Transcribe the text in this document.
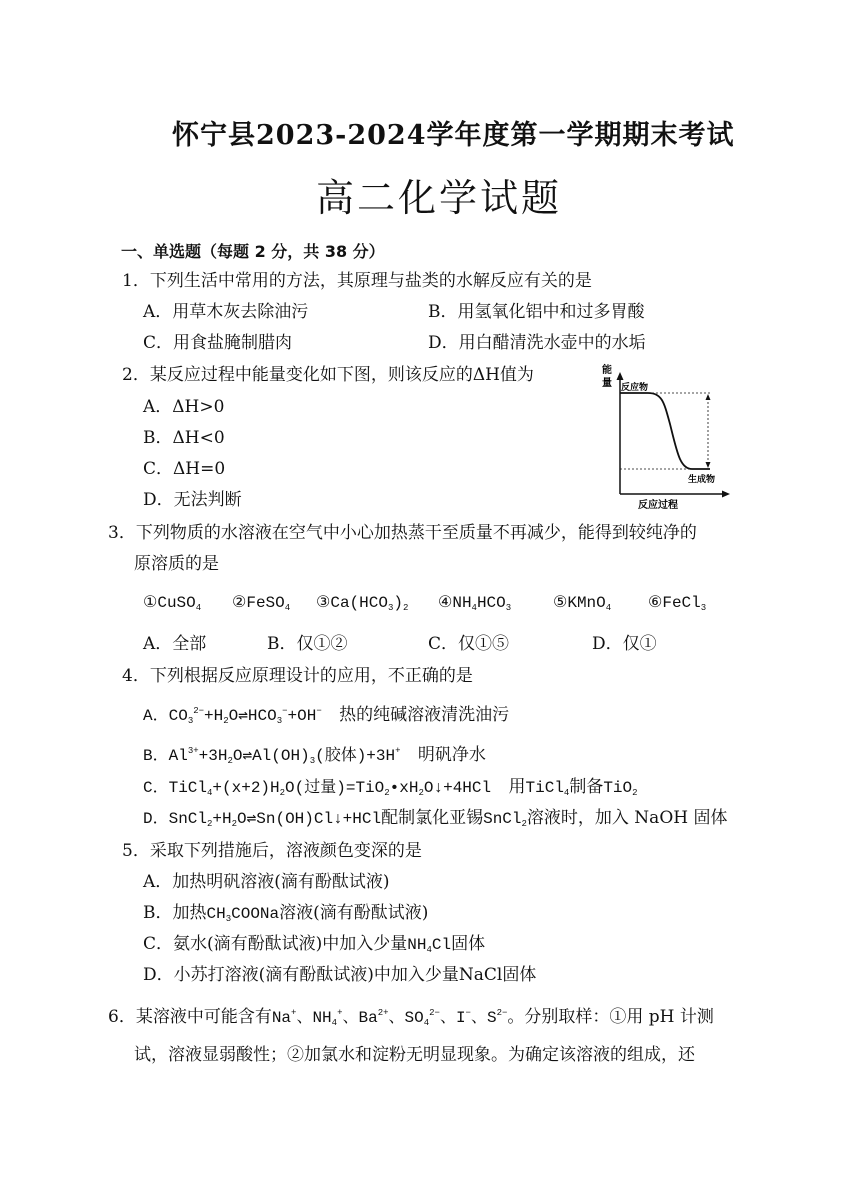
怀宁县2023-2024学年度第一学期期末考试
高二化学试题
一、单选题（每题 2 分，共 38 分）
1．下列生活中常用的方法，其原理与盐类的水解反应有关的是
A．用草木灰去除油污	B．用氢氧化铝中和过多胃酸
C．用食盐腌制腊肉	D．用白醋清洗水壶中的水垢
2．某反应过程中能量变化如下图，则该反应的ΔH值为
A．ΔH>0
B．ΔH<0
C．ΔH=0
D．无法判断
能
量 反应物
生成物
反应过程
3．下列物质的水溶液在空气中小心加热蒸干至质量不再减少，能得到较纯净的
原溶质的是
①CuSO$_4$ ②FeSO$_4$ $③Ca(HCO_3)_2$ $④NH_4HCO_3$	⑤KMnO$_4$ ⑥FeCl$_3$
A．全部	B．仅①②	C．仅①⑤	D．仅①
4．下列根据反应原理设计的应用，不正确的是
A．$CO_3^{2-}+H_2O\rightleftharpoons HCO_3^-+OH^-$ 热的纯碱溶液清洗油污
B．$Al^{3+}+3H_2O\rightleftharpoons Al(OH)_3$(胶体)+3H+ 明矾净水
C．$TiCl_4+(x+2)H_2O$(过量)$=TiO_2•xH_2O↓+4HCl$ 用TiCl$_4$制备TiO$_2$
D．$SnCl_2+H_2O\rightleftharpoons Sn(OH)Cl↓+HCl$配制氯化亚锡SnCl$_2$溶液时，加入 NaOH 固体
5．采取下列措施后，溶液颜色变深的是
A．加热明矾溶液(滴有酚酞试液)
B．加热$CH_3COONa$溶液(滴有酚酞试液)
C．氨水(滴有酚酞试液)中加入少量$NH_4Cl$固体
D．小苏打溶液(滴有酚酞试液)中加入少量NaCl固体
6．某溶液中可能含有Na+、$NH_4^+$、$Ba^{2+}$、$SO_4^{2-}$、I−、$S^{2-}$。分别取样：①用 pH 计测
试，溶液显弱酸性；②加氯水和淀粉无明显现象。为确定该溶液的组成，还
